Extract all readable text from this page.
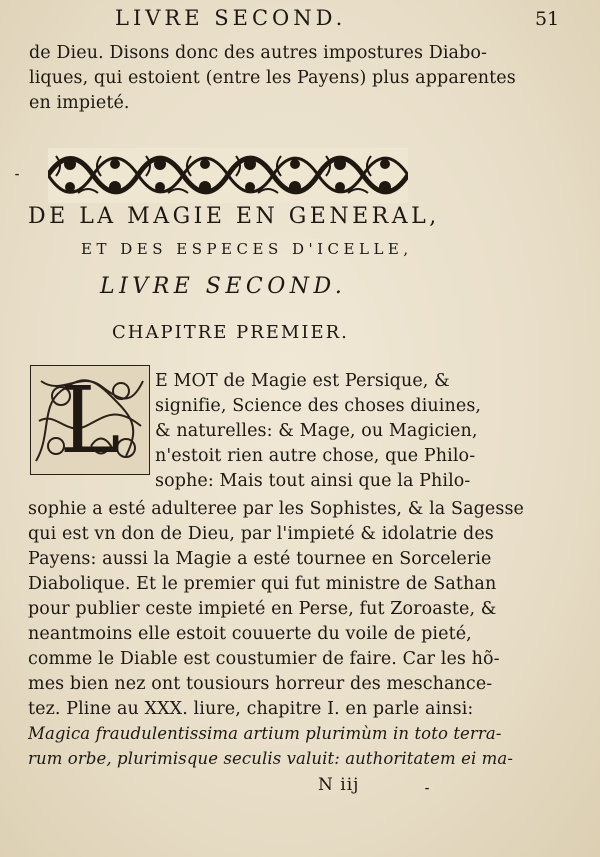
LIVRE SECOND.	51
de Dieu. Disons donc des autres impostures Diabo-
liques, qui estoient (entre les Payens) plus apparentes
en impieté.
⁃
DE LA MAGIE EN GENERAL,
ET DES ESPECES D'ICELLE,
LIVRE SECOND.
CHAPITRE PREMIER.
L	E MOT de Magie est Persique, &
signifie, Science des choses diuines,
& naturelles: & Mage, ou Magicien,
n'estoit rien autre chose, que Philo-
sophe: Mais tout ainsi que la Philo-
sophie a esté adulteree par les Sophistes, & la Sagesse
qui est vn don de Dieu, par l'impieté & idolatrie des
Payens: aussi la Magie a esté tournee en Sorcelerie
Diabolique. Et le premier qui fut ministre de Sathan
pour publier ceste impieté en Perse, fut Zoroaste, &
neantmoins elle estoit couuerte du voile de pieté,
comme le Diable est coustumier de faire. Car les hõ-
mes bien nez ont tousiours horreur des meschance-
tez. Pline au XXX. liure, chapitre I. en parle ainsi:
Magica fraudulentissima artium plurimùm in toto terra-
rum orbe, plurimisque seculis valuit: authoritatem ei ma-
N iij	⁃
